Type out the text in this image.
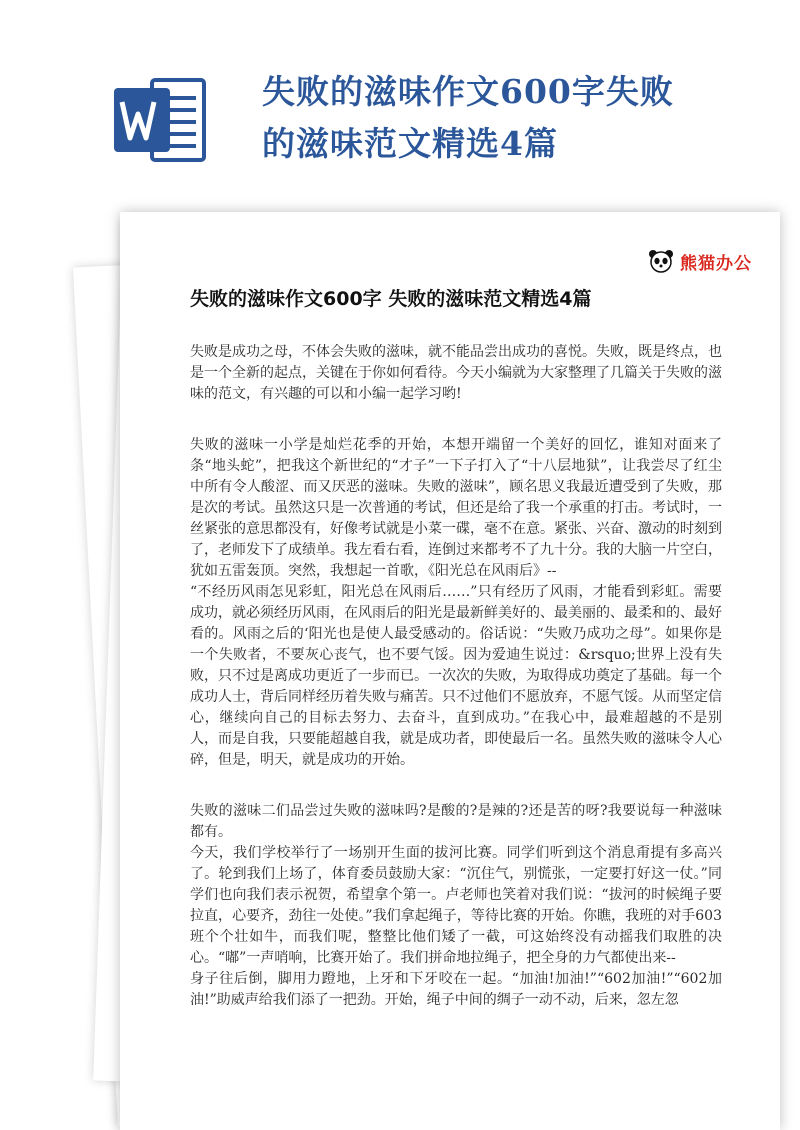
失败的滋味作文600字失败的滋味范文精选4篇
熊猫办公
失败的滋味作文600字 失败的滋味范文精选4篇

失败是成功之母，不体会失败的滋味，就不能品尝出成功的喜悦。失败，既是终点，也是一个全新的起点，关键在于你如何看待。今天小编就为大家整理了几篇关于失败的滋味的范文，有兴趣的可以和小编一起学习哟!

失败的滋味一小学是灿烂花季的开始，本想开端留一个美好的回忆，谁知对面来了条“地头蛇”，把我这个新世纪的“才子”一下子打入了“十八层地狱”，让我尝尽了红尘中所有令人酸涩、而又厌恶的滋味。失败的滋味”，顾名思义我最近遭受到了失败，那是次的考试。虽然这只是一次普通的考试，但还是给了我一个承重的打击。考试时，一丝紧张的意思都没有，好像考试就是小菜一碟，毫不在意。紧张、兴奋、激动的时刻到了，老师发下了成绩单。我左看右看，连倒过来都考不了九十分。我的大脑一片空白，犹如五雷轰顶。突然，我想起一首歌，《阳光总在风雨后》--

“不经历风雨怎见彩虹，阳光总在风雨后……”只有经历了风雨，才能看到彩虹。需要成功，就必须经历风雨，在风雨后的阳光是最新鲜美好的、最美丽的、最柔和的、最好看的。风雨之后的‘阳光也是使人最受感动的。俗话说：“失败乃成功之母”。如果你是一个失败者，不要灰心丧气，也不要气馁。因为爱迪生说过：&rsquo;世界上没有失败，只不过是离成功更近了一步而已。一次次的失败，为取得成功奠定了基础。每一个成功人士，背后同样经历着失败与痛苦。只不过他们不愿放弃，不愿气馁。从而坚定信心，继续向自己的目标去努力、去奋斗，直到成功。”在我心中，最难超越的不是别人，而是自我，只要能超越自我，就是成功者，即使最后一名。虽然失败的滋味令人心碎，但是，明天，就是成功的开始。

失败的滋味二们品尝过失败的滋味吗?是酸的?是辣的?还是苦的呀?我要说每一种滋味都有。

今天，我们学校举行了一场别开生面的拔河比赛。同学们听到这个消息甭提有多高兴了。轮到我们上场了，体育委员鼓励大家：“沉住气，别慌张，一定要打好这一仗。”同学们也向我们表示祝贺，希望拿个第一。卢老师也笑着对我们说：“拔河的时候绳子要拉直，心要齐，劲往一处使。”我们拿起绳子，等待比赛的开始。你瞧，我班的对手603班个个壮如牛，而我们呢，整整比他们矮了一截，可这始终没有动摇我们取胜的决心。“嘟”一声哨响，比赛开始了。我们拼命地拉绳子，把全身的力气都使出来--

身子往后倒，脚用力蹬地，上牙和下牙咬在一起。“加油!加油!”“602加油!”“602加油!”助威声给我们添了一把劲。开始，绳子中间的绸子一动不动，后来，忽左忽
